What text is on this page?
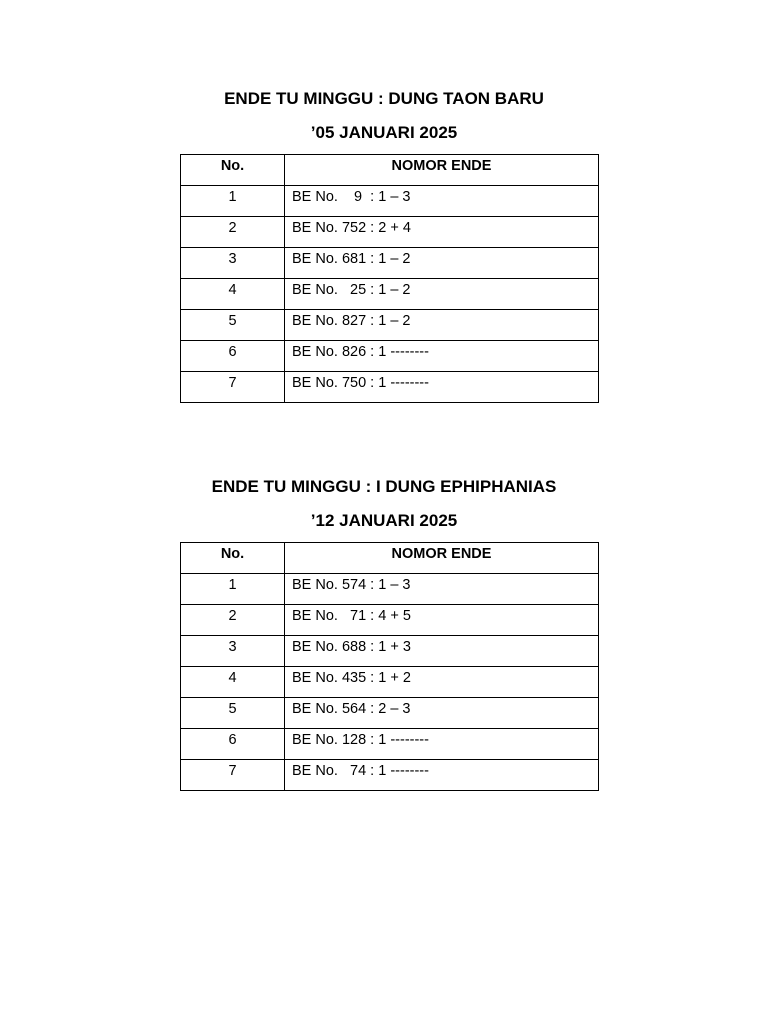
ENDE TU MINGGU : DUNG TAON BARU
’05 JANUARI 2025
No.	NOMOR ENDE
1	BE No.    9  : 1 – 3
2	BE No. 752 : 2 + 4
3	BE No. 681 : 1 – 2
4	BE No.   25 : 1 – 2
5	BE No. 827 : 1 – 2
6	BE No. 826 : 1 --------
7	BE No. 750 : 1 --------
ENDE TU MINGGU : I DUNG EPHIPHANIAS
’12 JANUARI 2025
No.	NOMOR ENDE
1	BE No. 574 : 1 – 3
2	BE No.   71 : 4 + 5
3	BE No. 688 : 1 + 3
4	BE No. 435 : 1 + 2
5	BE No. 564 : 2 – 3
6	BE No. 128 : 1 --------
7	BE No.   74 : 1 --------
